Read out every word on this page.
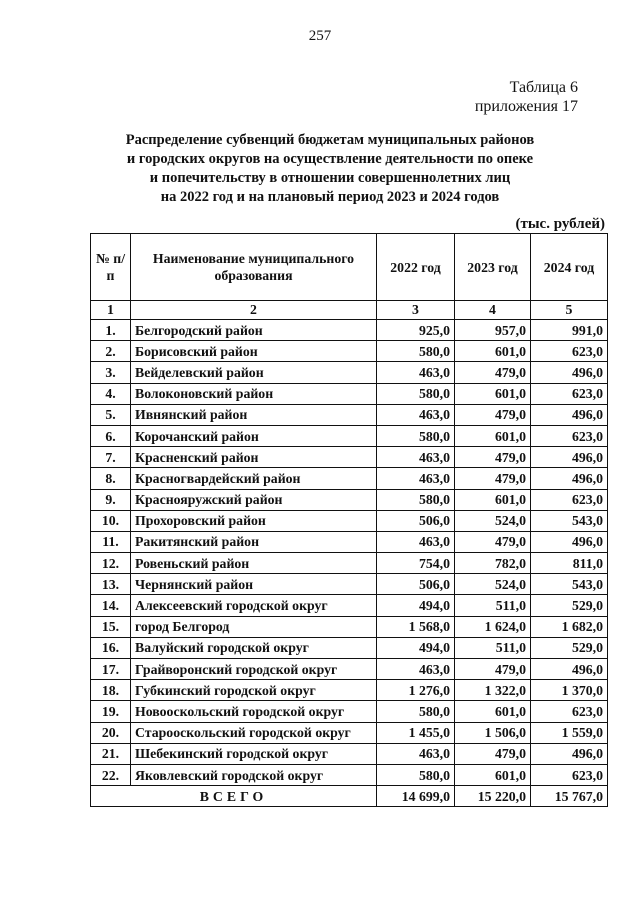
257
Таблица 6
приложения 17
Распределение субвенций бюджетам муниципальных районов
и городских округов на осуществление деятельности по опеке
и попечительству в отношении совершеннолетних лиц
на 2022 год и на плановый период 2023 и 2024 годов
(тыс. рублей)
№ п/п	Наименование муниципального образования	2022 год	2023 год	2024 год
1	2	3	4	5
1.	Белгородский район	925,0	957,0	991,0
2.	Борисовский район	580,0	601,0	623,0
3.	Вейделевский район	463,0	479,0	496,0
4.	Волоконовский район	580,0	601,0	623,0
5.	Ивнянский район	463,0	479,0	496,0
6.	Корочанский район	580,0	601,0	623,0
7.	Красненский район	463,0	479,0	496,0
8.	Красногвардейский район	463,0	479,0	496,0
9.	Краснояружский район	580,0	601,0	623,0
10.	Прохоровский район	506,0	524,0	543,0
11.	Ракитянский район	463,0	479,0	496,0
12.	Ровеньский район	754,0	782,0	811,0
13.	Чернянский район	506,0	524,0	543,0
14.	Алексеевский городской округ	494,0	511,0	529,0
15.	город Белгород	1 568,0	1 624,0	1 682,0
16.	Валуйский городской округ	494,0	511,0	529,0
17.	Грайворонский городской округ	463,0	479,0	496,0
18.	Губкинский городской округ	1 276,0	1 322,0	1 370,0
19.	Новооскольский городской округ	580,0	601,0	623,0
20.	Старооскольский городской округ	1 455,0	1 506,0	1 559,0
21.	Шебекинский городской округ	463,0	479,0	496,0
22.	Яковлевский городской округ	580,0	601,0	623,0
ВСЕГО		14 699,0	15 220,0	15 767,0
